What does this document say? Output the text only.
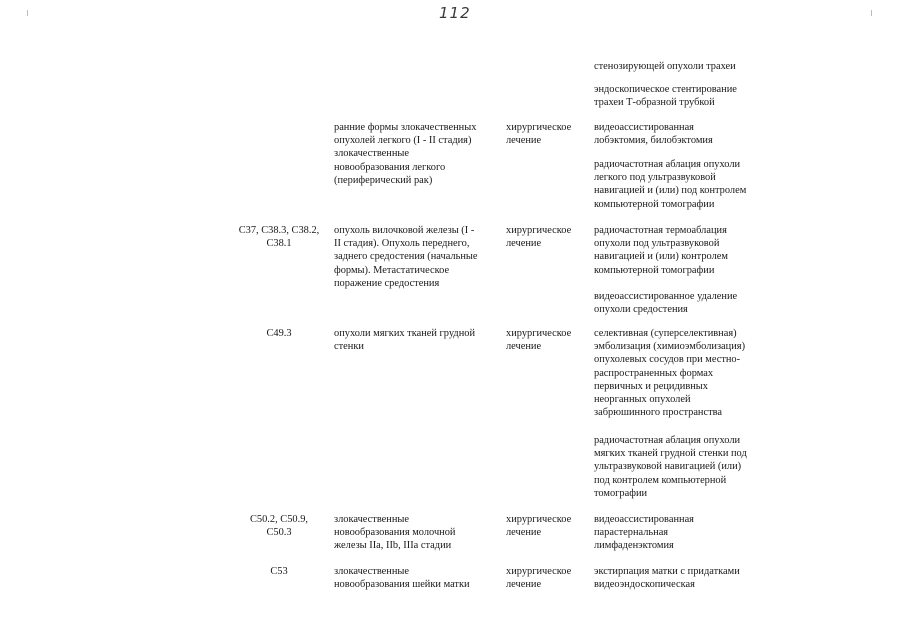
112
стенозирующей опухоли трахеи
эндоскопическое стентирование
трахеи Т-образной трубкой
ранние формы злокачественных
опухолей легкого (I - II стадия)
злокачественные
новообразования легкого
(периферический рак)
хирургическое
лечение
видеоассистированная
лобэктомия, билобэктомия
радиочастотная аблация опухоли
легкого под ультразвуковой
навигацией и (или) под контролем
компьютерной томографии
C37, C38.3, C38.2,
C38.1
опухоль вилочковой железы (I -
II стадия). Опухоль переднего,
заднего средостения (начальные
формы). Метастатическое
поражение средостения
хирургическое
лечение
радиочастотная термоаблация
опухоли под ультразвуковой
навигацией и (или) контролем
компьютерной томографии
видеоассистированное удаление
опухоли средостения
C49.3	опухоли мягких тканей грудной
стенки
хирургическое
лечение
селективная (суперселективная)
эмболизация (химиоэмболизация)
опухолевых сосудов при местно-
распространенных формах
первичных и рецидивных
неорганных опухолей
забрюшинного пространства
радиочастотная аблация опухоли
мягких тканей грудной стенки под
ультразвуковой навигацией (или)
под контролем компьютерной
томографии
C50.2, C50.9,
C50.3
злокачественные
новообразования молочной
железы IIa, IIb, IIIa стадии
хирургическое
лечение
видеоассистированная
парастернальная
лимфаденэктомия
C53	злокачественные
новообразования шейки матки
хирургическое
лечение
экстирпация матки с придатками
видеоэндоскопическая
